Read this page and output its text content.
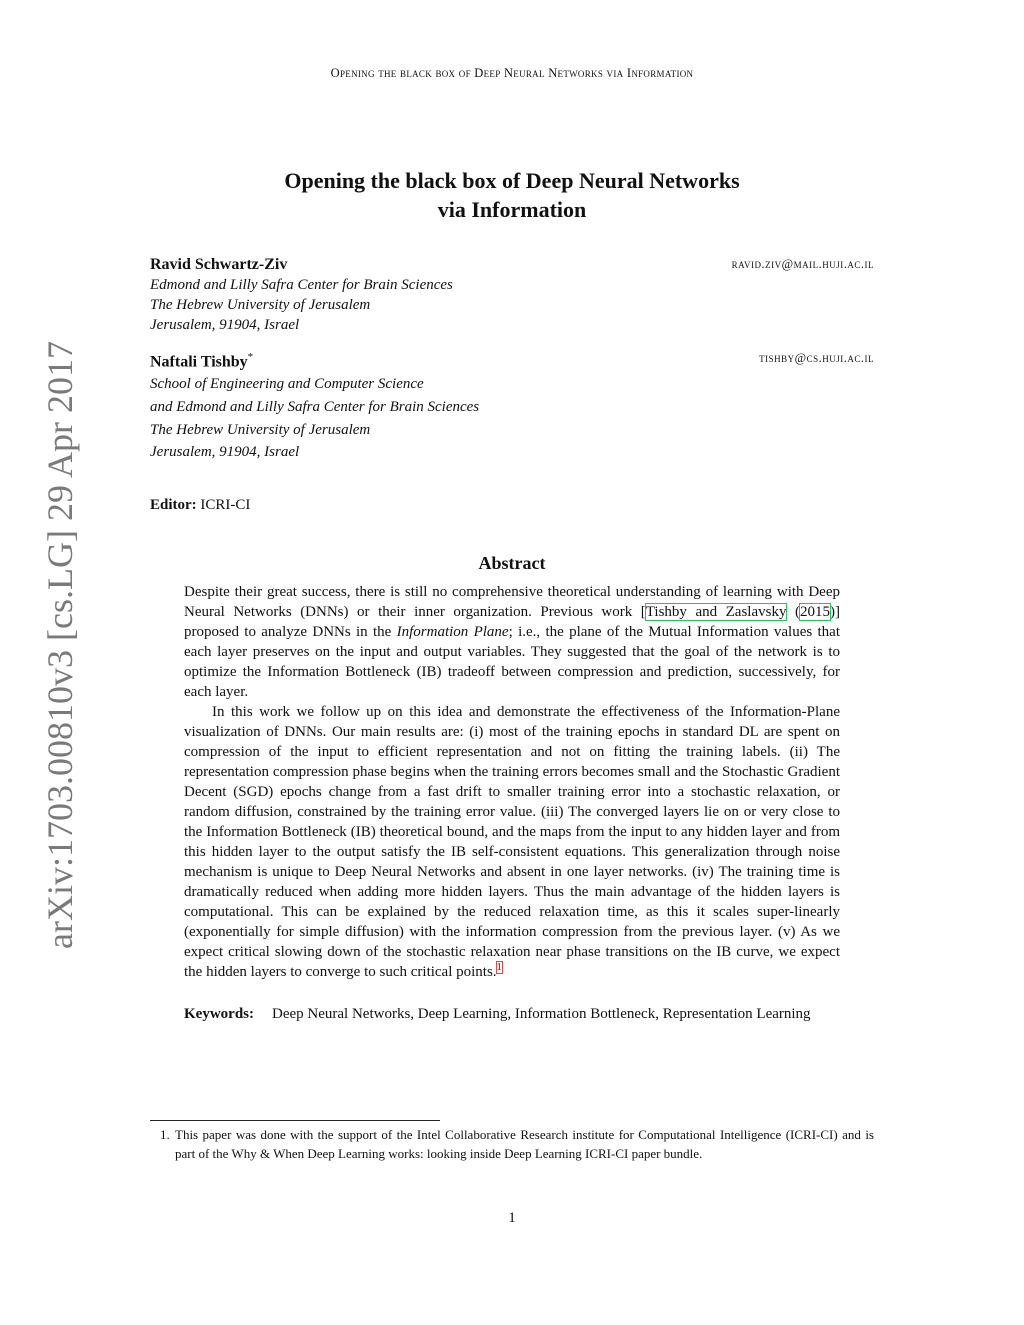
Opening the black box of Deep Neural Networks via Information
arXiv:1703.00810v3 [cs.LG] 29 Apr 2017
Opening the black box of Deep Neural Networks
via Information
Ravid Schwartz-Ziv	ravid.ziv@mail.huji.ac.il
Edmond and Lilly Safra Center for Brain Sciences
The Hebrew University of Jerusalem
Jerusalem, 91904, Israel
Naftali Tishby*	tishby@cs.huji.ac.il
School of Engineering and Computer Science
and Edmond and Lilly Safra Center for Brain Sciences
The Hebrew University of Jerusalem
Jerusalem, 91904, Israel
Editor: ICRI-CI
Abstract

Despite their great success, there is still no comprehensive theoretical understanding of learning with Deep Neural Networks (DNNs) or their inner organization. Previous work [Tishby and Zaslavsky (2015)] proposed to analyze DNNs in the Information Plane; i.e., the plane of the Mutual Information values that each layer preserves on the input and output variables. They suggested that the goal of the network is to optimize the Information Bottleneck (IB) tradeoff between compression and prediction, successively, for each layer.

In this work we follow up on this idea and demonstrate the effectiveness of the Information-Plane visualization of DNNs. Our main results are: (i) most of the training epochs in standard DL are spent on compression of the input to efficient representation and not on fitting the training labels. (ii) The representation compression phase begins when the training errors becomes small and the Stochastic Gradient Decent (SGD) epochs change from a fast drift to smaller training error into a stochastic relaxation, or random diffusion, constrained by the training error value. (iii) The converged layers lie on or very close to the Information Bottleneck (IB) theoretical bound, and the maps from the input to any hidden layer and from this hidden layer to the output satisfy the IB self-consistent equations. This generalization through noise mechanism is unique to Deep Neural Networks and absent in one layer networks. (iv) The training time is dramatically reduced when adding more hidden layers. Thus the main advantage of the hidden layers is computational. This can be explained by the reduced relaxation time, as this it scales super-linearly (exponentially for simple diffusion) with the information compression from the previous layer. (v) As we expect critical slowing down of the stochastic relaxation near phase transitions on the IB curve, we expect the hidden layers to converge to such critical points.$^1$

Keywords: Deep Neural Networks, Deep Learning, Information Bottleneck, Representation Learning
1. This paper was done with the support of the Intel Collaborative Research institute for Computational Intelligence (ICRI-CI) and is part of the Why & When Deep Learning works: looking inside Deep Learning ICRI-CI paper bundle.
1
